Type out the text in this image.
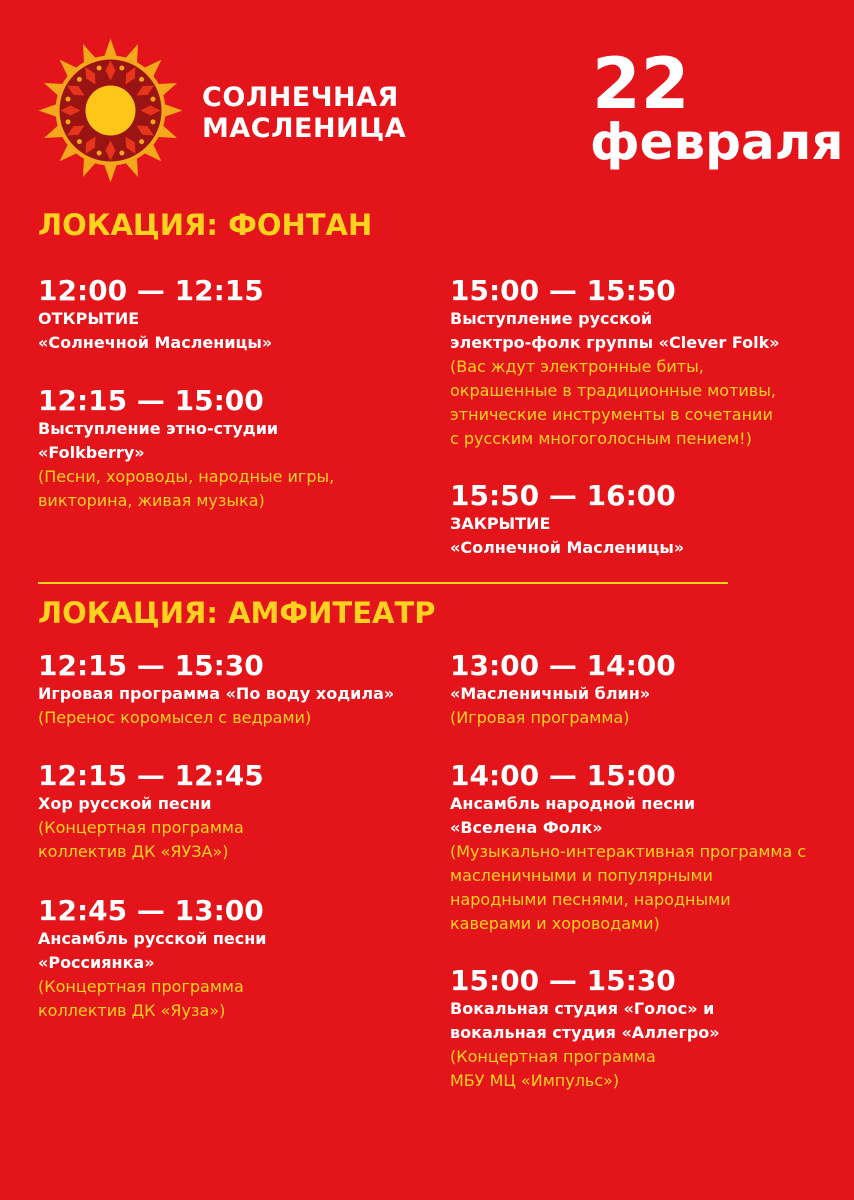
СОЛНЕЧНАЯ
МАСЛЕНИЦА
22
февраля
ЛОКАЦИЯ: ФОНТАН
12:00 — 12:15
ОТКРЫТИЕ
«Солнечной Масленицы»
12:15 — 15:00
Выступление этно-студии
«Folkberry»
(Песни, хороводы, народные игры,
викторина, живая музыка)
15:00 — 15:50
Выступление русской
электро-фолк группы «Clever Folk»
(Вас ждут электронные биты,
окрашенные в традиционные мотивы,
этнические инструменты в сочетании
с русским многоголосным пением!)
15:50 — 16:00
ЗАКРЫТИЕ
«Солнечной Масленицы»
ЛОКАЦИЯ: АМФИТЕАТР
12:15 — 15:30
Игровая программа «По воду ходила»
(Перенос коромысел с ведрами)
12:15 — 12:45
Хор русской песни
(Концертная программа
коллектив ДК «ЯУЗА»)
12:45 — 13:00
Ансамбль русской песни
«Россиянка»
(Концертная программа
коллектив ДК «Яуза»)
13:00 — 14:00
«Масленичный блин»
(Игровая программа)
14:00 — 15:00
Ансамбль народной песни
«Вселена Фолк»
(Музыкально-интерактивная программа с
масленичными и популярными
народными песнями, народными
каверами и хороводами)
15:00 — 15:30
Вокальная студия «Голос» и
вокальная студия «Аллегро»
(Концертная программа
МБУ МЦ «Импульс»)
